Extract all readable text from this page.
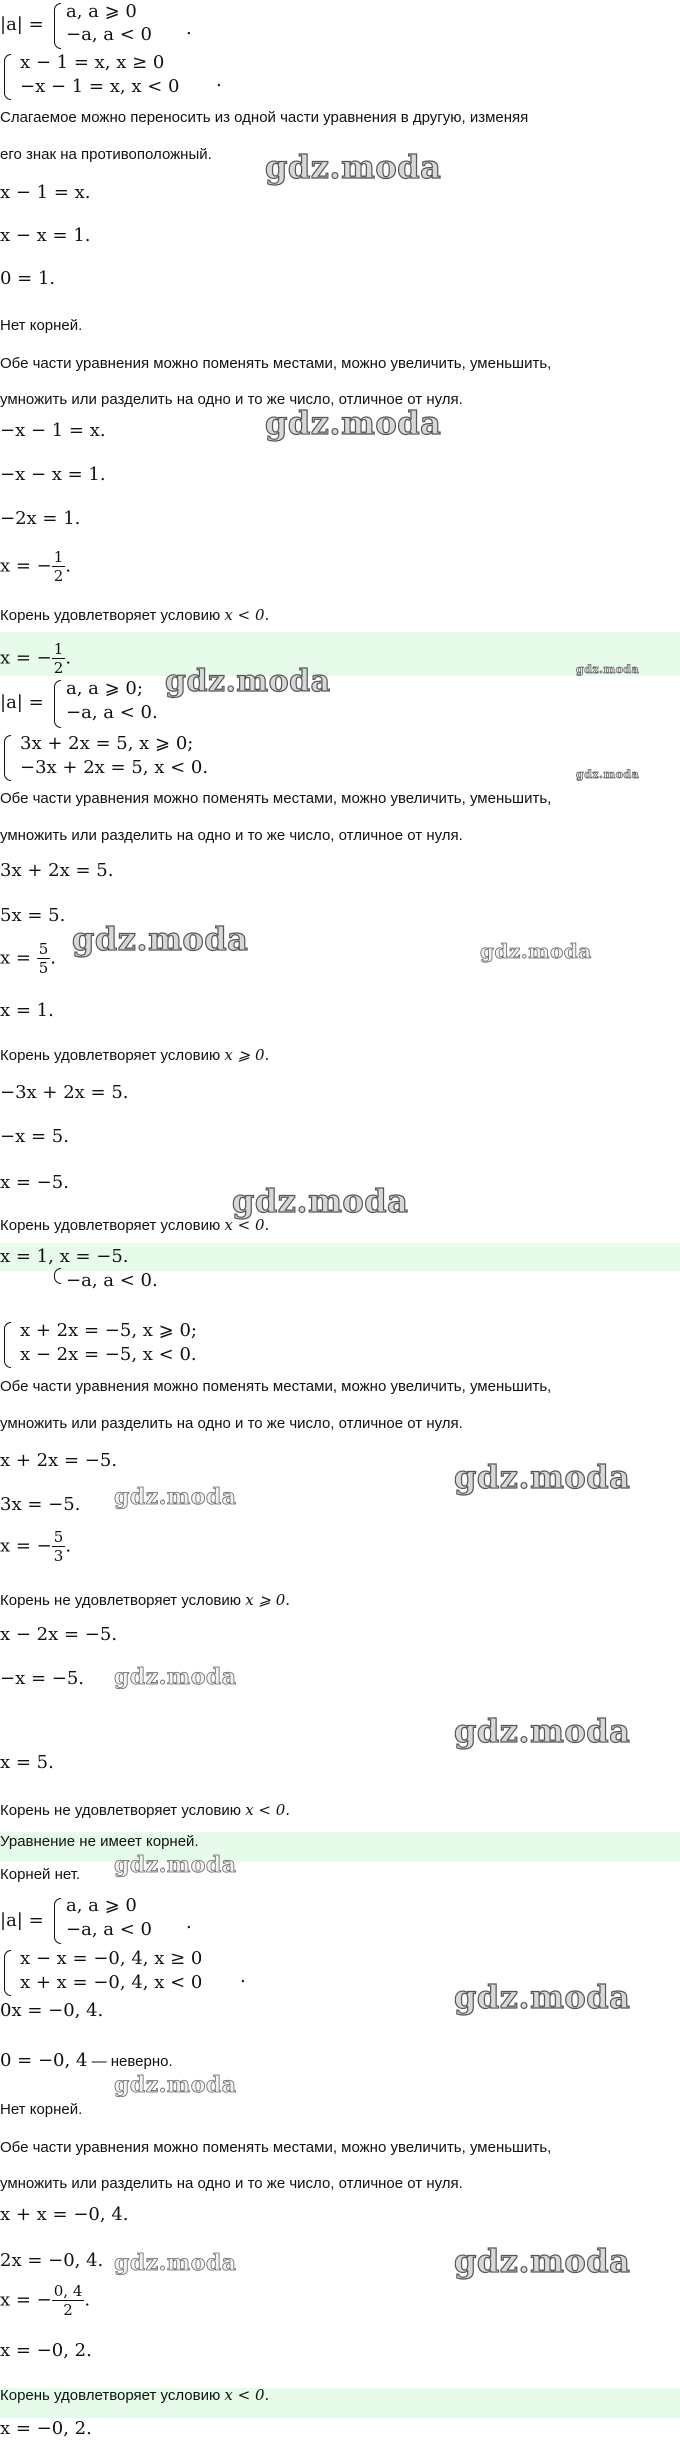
|a| =
a, a ⩾ 0
−a, a < 0 .
x − 1 = x, x ≥ 0
−x − 1 = x, x < 0 .
Слагаемое можно переносить из одной части уравнения в другую, изменяя
его знак на противоположный.
x − 1 = x.
x − x = 1.
0 = 1.
Нет корней.
Обе части уравнения можно поменять местами, можно увеличить, уменьшить,
умножить или разделить на одно и то же число, отличное от нуля.
−x − 1 = x.
−x − x = 1.
−2x = 1.
x = − $\frac{1}{2}$ .
Корень удовлетворяет условию x < 0.
x = − $\frac{1}{2}$ .
|a| =
a, a ⩾ 0;
−a, a < 0.
3x + 2x = 5, x ⩾ 0;
−3x + 2x = 5, x < 0.
Обе части уравнения можно поменять местами, можно увеличить, уменьшить,
умножить или разделить на одно и то же число, отличное от нуля.
3x + 2x = 5.
5x = 5.
$x = \frac{5}{5}$ .
x = 1.
Корень удовлетворяет условию x ⩾ 0.
−3x + 2x = 5.
−x = 5.
x = −5.
Корень удовлетворяет условию x < 0.
x = 1, x = −5.
−a, a < 0.
x + 2x = −5, x ⩾ 0;
x − 2x = −5, x < 0.
Обе части уравнения можно поменять местами, можно увеличить, уменьшить,
умножить или разделить на одно и то же число, отличное от нуля.
x + 2x = −5.
3x = −5.
x = − $\frac{5}{3}$ .
Корень не удовлетворяет условию x ⩾ 0.
x − 2x = −5.
−x = −5.
x = 5.
Корень не удовлетворяет условию x < 0.
Уравнение не имеет корней.
Корней нет.
|a| =
a, a ⩾ 0
−a, a < 0 .
x − x = −0, 4, x ≥ 0
x + x = −0, 4, x < 0 .
0x = −0, 4.
0 = −0, 4 — неверно.
Нет корней.
Обе части уравнения можно поменять местами, можно увеличить, уменьшить,
умножить или разделить на одно и то же число, отличное от нуля.
x + x = −0, 4.
2x = −0, 4.
x = − $\frac{0, 4}{2}$ .
x = −0, 2.
Корень удовлетворяет условию x < 0.
x = −0, 2.
gdz.moda
gdz.moda
gdz.moda	gdz.moda
gdz.moda
gdz.moda	gdz.moda
gdz.moda
gdz.moda
gdz.moda
gdz.moda
gdz.moda
gdz.moda
gdz.moda
gdz.moda
gdz.moda	gdz.moda
